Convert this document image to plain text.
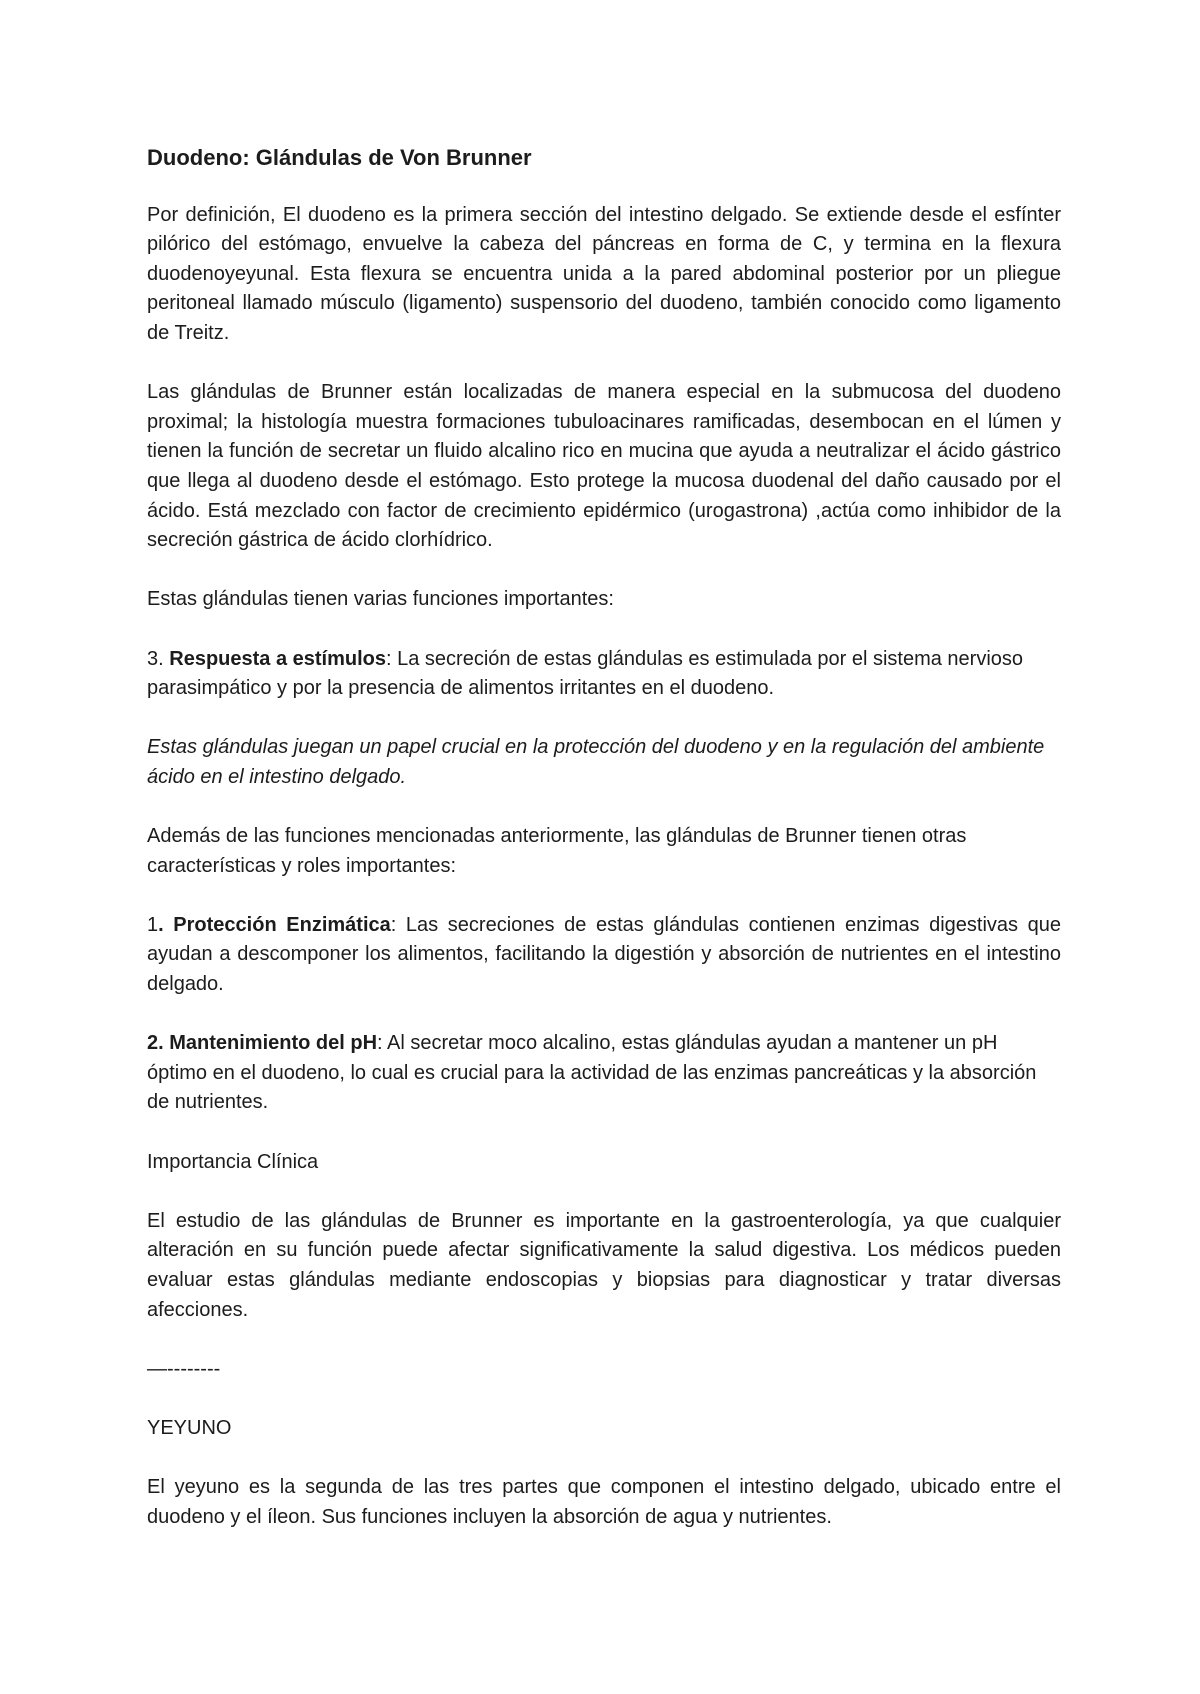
Duodeno: Glándulas de Von Brunner

Por definición, El duodeno es la primera sección del intestino delgado. Se extiende desde el esfínter pilórico del estómago, envuelve la cabeza del páncreas en forma de C, y termina en la flexura duodenoyeyunal. Esta flexura se encuentra unida a la pared abdominal posterior por un pliegue peritoneal llamado músculo (ligamento) suspensorio del duodeno, también conocido como ligamento de Treitz.

Las glándulas de Brunner están localizadas de manera especial en la submucosa del duodeno proximal; la histología muestra formaciones tubuloacinares ramificadas, desembocan en el lúmen y tienen la función de secretar un fluido alcalino rico en mucina que ayuda a neutralizar el ácido gástrico que llega al duodeno desde el estómago. Esto protege la mucosa duodenal del daño causado por el ácido. Está mezclado con factor de crecimiento epidérmico (urogastrona) ,actúa como inhibidor de la secreción gástrica de ácido clorhídrico.

Estas glándulas tienen varias funciones importantes:

3. Respuesta a estímulos: La secreción de estas glándulas es estimulada por el sistema nervioso parasimpático y por la presencia de alimentos irritantes en el duodeno.

Estas glándulas juegan un papel crucial en la protección del duodeno y en la regulación del ambiente ácido en el intestino delgado.

Además de las funciones mencionadas anteriormente, las glándulas de Brunner tienen otras características y roles importantes:

1. Protección Enzimática: Las secreciones de estas glándulas contienen enzimas digestivas que ayudan a descomponer los alimentos, facilitando la digestión y absorción de nutrientes en el intestino delgado.

2. Mantenimiento del pH: Al secretar moco alcalino, estas glándulas ayudan a mantener un pH óptimo en el duodeno, lo cual es crucial para la actividad de las enzimas pancreáticas y la absorción de nutrientes.

Importancia Clínica

El estudio de las glándulas de Brunner es importante en la gastroenterología, ya que cualquier alteración en su función puede afectar significativamente la salud digestiva. Los médicos pueden evaluar estas glándulas mediante endoscopias y biopsias para diagnosticar y tratar diversas afecciones.

—--------

YEYUNO

El yeyuno es la segunda de las tres partes que componen el intestino delgado, ubicado entre el duodeno y el íleon. Sus funciones incluyen la absorción de agua y nutrientes.
